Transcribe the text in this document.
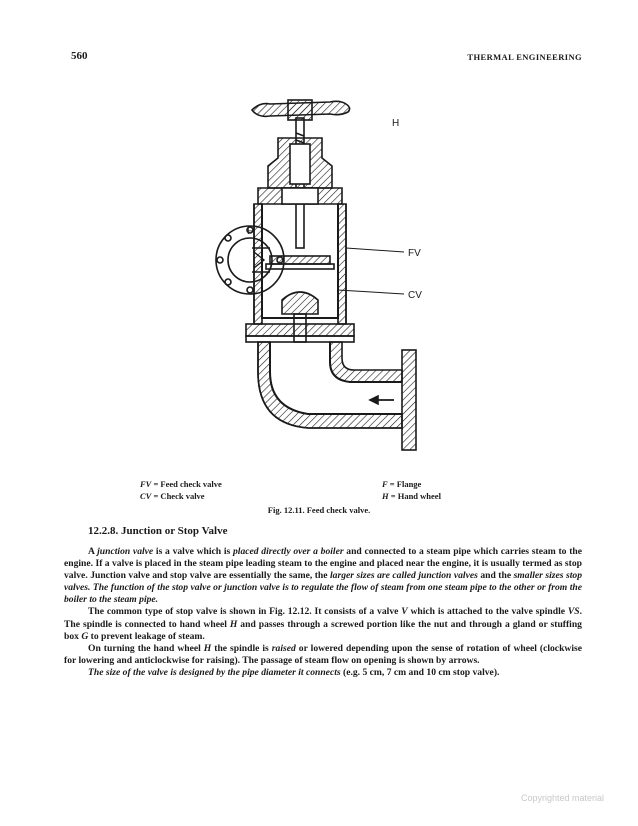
560	THERMAL ENGINEERING
H
F
FV
CV
FV = Feed check valve
CV = Check valve
F = Flange
H = Hand wheel
Fig. 12.11. Feed check valve.
12.2.8. Junction or Stop Valve

A junction valve is a valve which is placed directly over a boiler and connected to a steam pipe which carries steam to the engine. If a valve is placed in the steam pipe leading steam to the engine and placed near the engine, it is usually termed as stop valve. Junction valve and stop valve are essentially the same, the larger sizes are called junction valves and the smaller sizes stop valves. The function of the stop valve or junction valve is to regulate the flow of steam from one steam pipe to the other or from the boiler to the steam pipe.

The common type of stop valve is shown in Fig. 12.12. It consists of a valve V which is attached to the valve spindle VS. The spindle is connected to hand wheel H and passes through a screwed portion like the nut and through a gland or stuffing box G to prevent leakage of steam.

On turning the hand wheel H the spindle is raised or lowered depending upon the sense of rotation of wheel (clockwise for lowering and anticlockwise for raising). The passage of steam flow on opening is shown by arrows.

The size of the valve is designed by the pipe diameter it connects (e.g. 5 cm, 7 cm and 10 cm stop valve).

Copyrighted material
